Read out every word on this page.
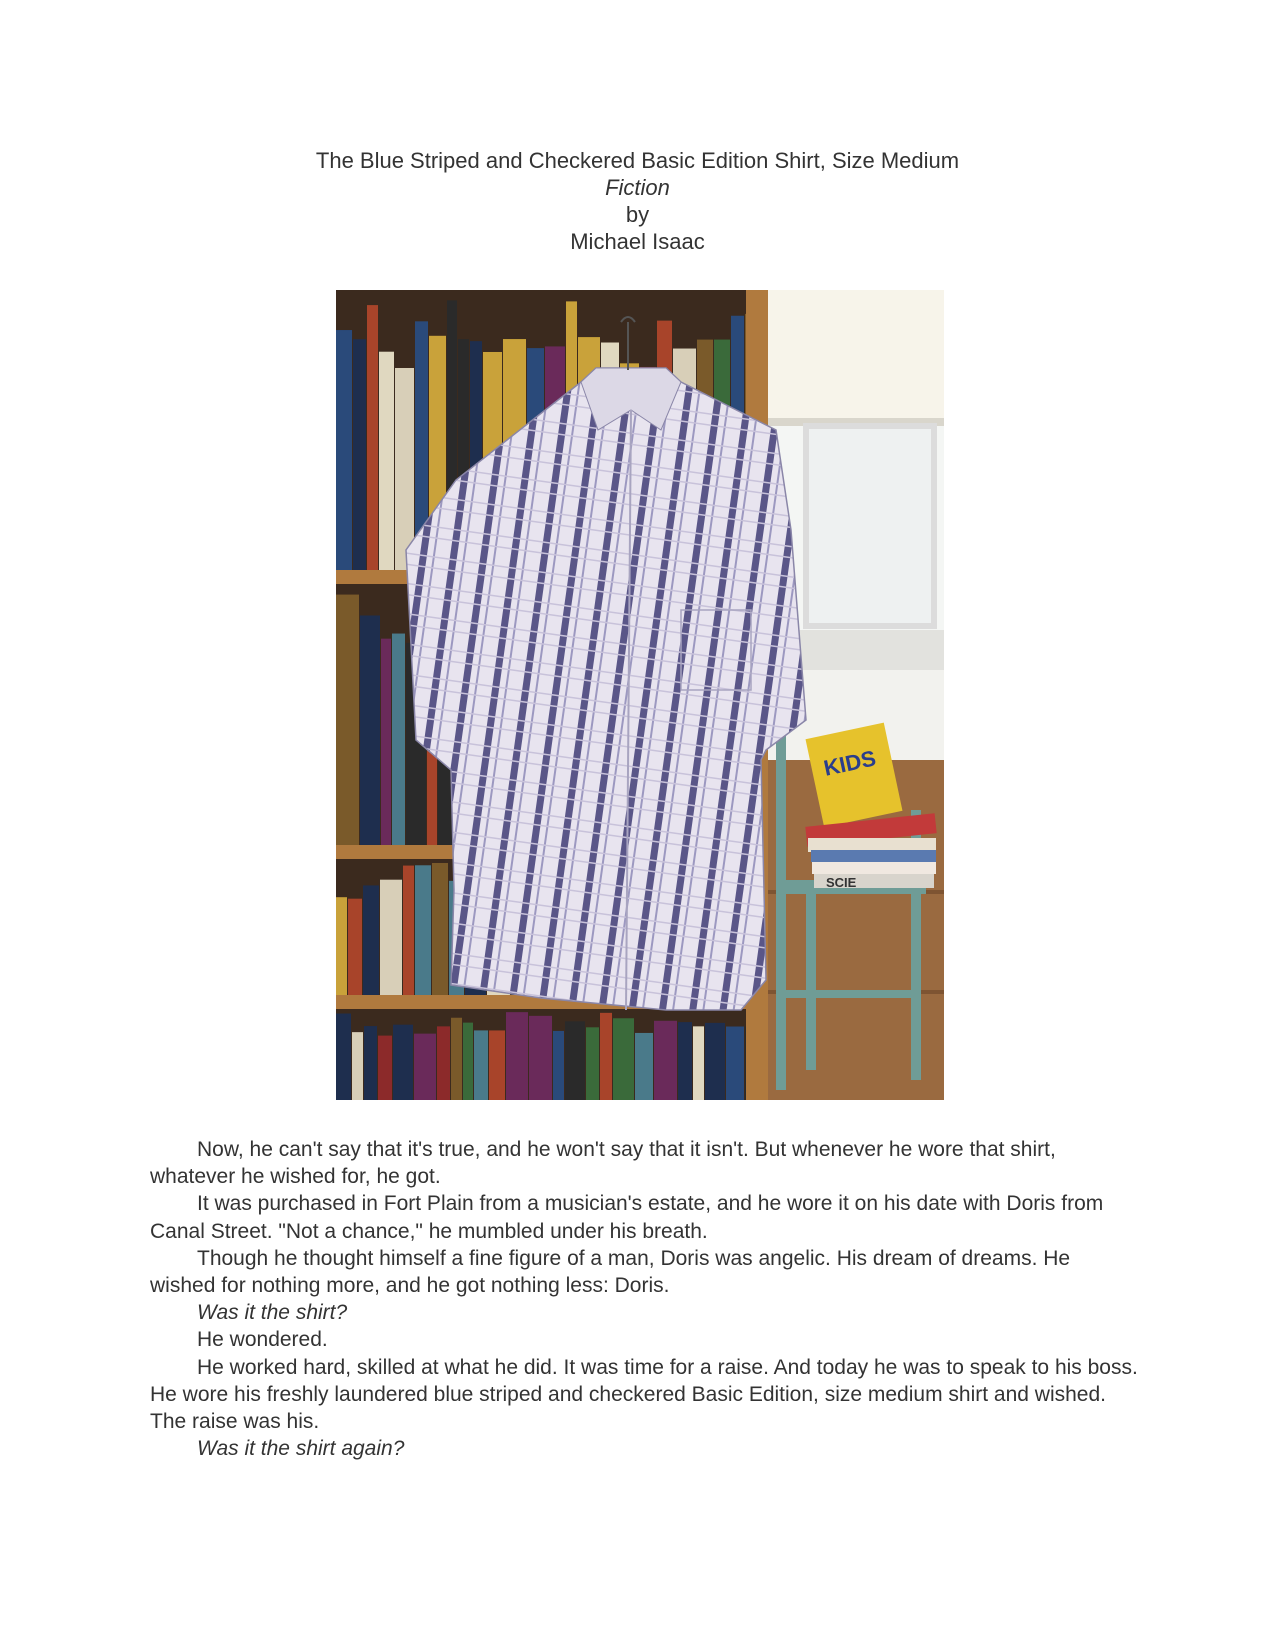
The Blue Striped and Checkered Basic Edition Shirt, Size Medium
Fiction
by
Michael Isaac
KIDS
SCIE

Now, he can't say that it's true, and he won't say that it isn't. But whenever he wore that shirt, whatever he wished for, he got.

It was purchased in Fort Plain from a musician's estate, and he wore it on his date with Doris from Canal Street. "Not a chance," he mumbled under his breath.

Though he thought himself a fine figure of a man, Doris was angelic. His dream of dreams. He wished for nothing more, and he got nothing less: Doris.

Was it the shirt?

He wondered.

He worked hard, skilled at what he did. It was time for a raise. And today he was to speak to his boss. He wore his freshly laundered blue striped and checkered Basic Edition, size medium shirt and wished. The raise was his.

Was it the shirt again?
